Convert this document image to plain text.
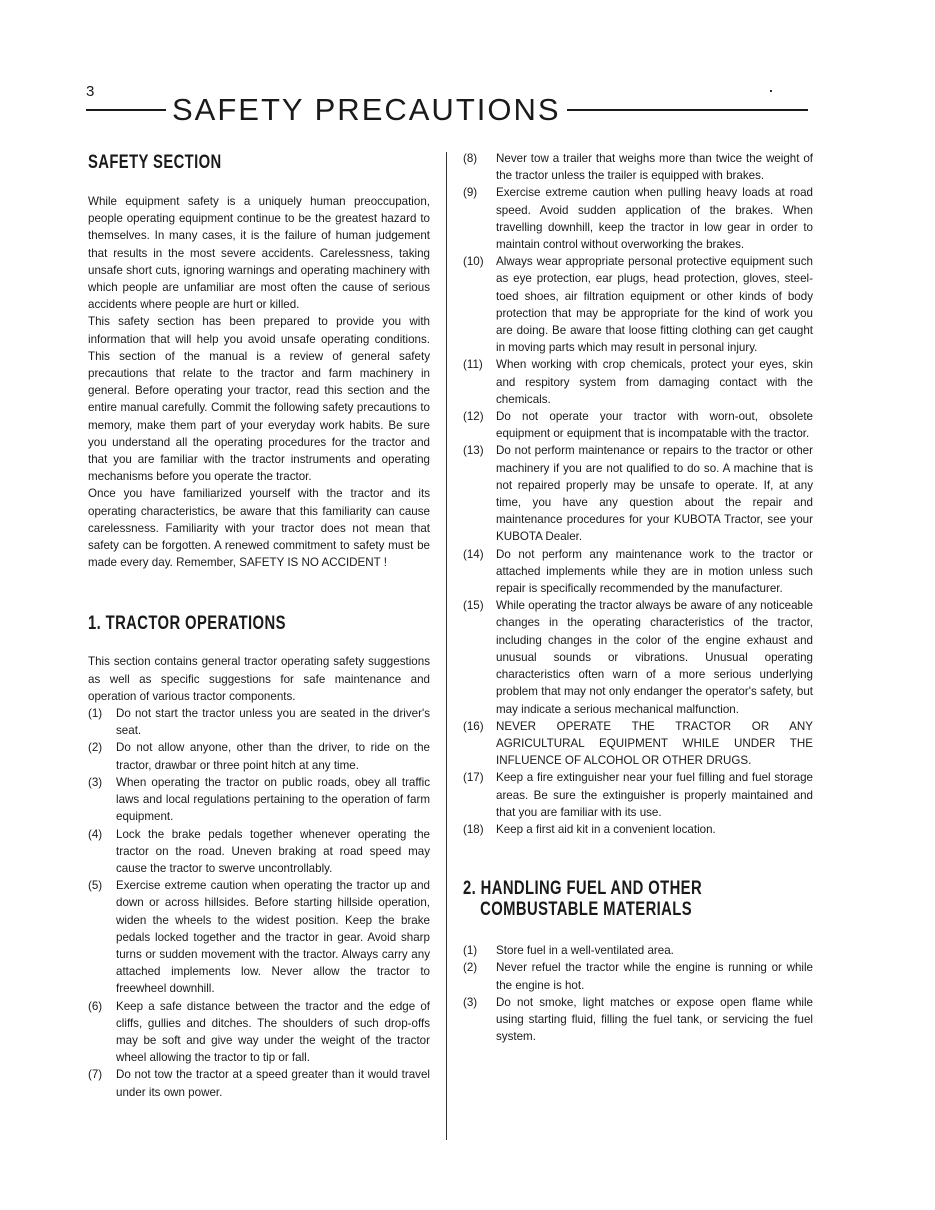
3
SAFETY PRECAUTIONS
SAFETY SECTION

While equipment safety is a uniquely human preoccupation, people operating equipment continue to be the greatest hazard to themselves. In many cases, it is the failure of human judgement that results in the most severe accidents. Carelessness, taking unsafe short cuts, ignoring warnings and operating machinery with which people are unfamiliar are most often the cause of serious accidents where people are hurt or killed.

This safety section has been prepared to provide you with information that will help you avoid unsafe operating conditions. This section of the manual is a review of general safety precautions that relate to the tractor and farm machinery in general. Before operating your tractor, read this section and the entire manual carefully. Commit the following safety precautions to memory, make them part of your everyday work habits. Be sure you understand all the operating procedures for the tractor and that you are familiar with the tractor instruments and operating mechanisms before you operate the tractor.

Once you have familiarized yourself with the tractor and its operating characteristics, be aware that this familiarity can cause carelessness. Familiarity with your tractor does not mean that safety can be forgotten. A renewed commitment to safety must be made every day. Remember, SAFETY IS NO ACCIDENT !

1. TRACTOR OPERATIONS

This section contains general tractor operating safety suggestions as well as specific suggestions for safe maintenance and operation of various tractor components.

(1)	Do not start the tractor unless you are seated in the driver's seat.
(2)	Do not allow anyone, other than the driver, to ride on the tractor, drawbar or three point hitch at any time.
(3)	When operating the tractor on public roads, obey all traffic laws and local regulations pertaining to the operation of farm equipment.
(4)	Lock the brake pedals together whenever operating the tractor on the road. Uneven braking at road speed may cause the tractor to swerve uncontrollably.
(5)	Exercise extreme caution when operating the tractor up and down or across hillsides. Before starting hillside operation, widen the wheels to the widest position. Keep the brake pedals locked together and the tractor in gear. Avoid sharp turns or sudden movement with the tractor. Always carry any attached implements low. Never allow the tractor to freewheel downhill.
(6)	Keep a safe distance between the tractor and the edge of cliffs, gullies and ditches. The shoulders of such drop-offs may be soft and give way under the weight of the tractor wheel allowing the tractor to tip or fall.
(7)	Do not tow the tractor at a speed greater than it would travel under its own power.
(8)	Never tow a trailer that weighs more than twice the weight of the tractor unless the trailer is equipped with brakes.
(9)	Exercise extreme caution when pulling heavy loads at road speed. Avoid sudden application of the brakes. When travelling downhill, keep the tractor in low gear in order to maintain control without overworking the brakes.
(10)	Always wear appropriate personal protective equipment such as eye protection, ear plugs, head protection, gloves, steel-toed shoes, air filtration equipment or other kinds of body protection that may be appropriate for the kind of work you are doing. Be aware that loose fitting clothing can get caught in moving parts which may result in personal injury.
(11)	When working with crop chemicals, protect your eyes, skin and respitory system from damaging contact with the chemicals.
(12)	Do not operate your tractor with worn-out, obsolete equipment or equipment that is incompatable with the tractor.
(13)	Do not perform maintenance or repairs to the tractor or other machinery if you are not qualified to do so. A machine that is not repaired properly may be unsafe to operate. If, at any time, you have any question about the repair and maintenance procedures for your KUBOTA Tractor, see your KUBOTA Dealer.
(14)	Do not perform any maintenance work to the tractor or attached implements while they are in motion unless such repair is specifically recommended by the manufacturer.
(15)	While operating the tractor always be aware of any noticeable changes in the operating characteristics of the tractor, including changes in the color of the engine exhaust and unusual sounds or vibrations. Unusual operating characteristics often warn of a more serious underlying problem that may not only endanger the operator's safety, but may indicate a serious mechanical malfunction.
(16)	NEVER OPERATE THE TRACTOR OR ANY AGRICULTURAL EQUIPMENT WHILE UNDER THE INFLUENCE OF ALCOHOL OR OTHER DRUGS.
(17)	Keep a fire extinguisher near your fuel filling and fuel storage areas. Be sure the extinguisher is properly maintained and that you are familiar with its use.
(18)	Keep a first aid kit in a convenient location.
2. HANDLING FUEL AND OTHER
COMBUSTABLE MATERIALS
(1)	Store fuel in a well-ventilated area.
(2)	Never refuel the tractor while the engine is running or while the engine is hot.
(3)	Do not smoke, light matches or expose open flame while using starting fluid, filling the fuel tank, or servicing the fuel system.
